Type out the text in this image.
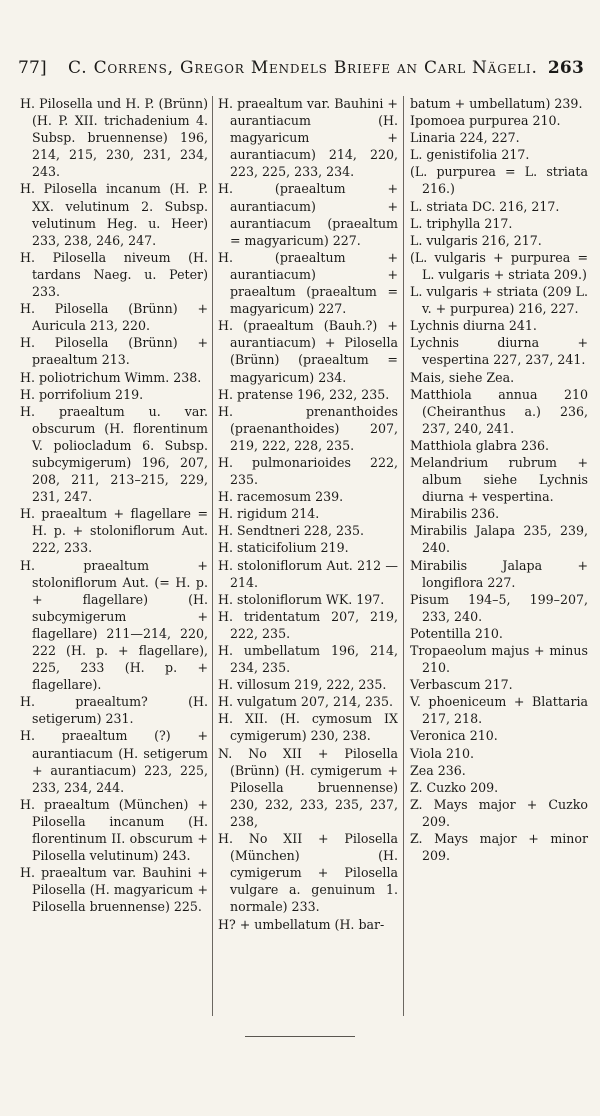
77] C. Correns, Gregor Mendels Briefe an Carl Nägeli. 263

H. Pilosella und H. P. (Brünn) (H. P. XII. trichadenium 4. Subsp. bruennense) 196, 214, 215, 230, 231, 234, 243.

H. Pilosella incanum (H. P. XX. velutinum 2. Subsp. velutinum Heg. u. Heer) 233, 238, 246, 247.

H. Pilosella niveum (H. tardans Naeg. u. Peter) 233.

H. Pilosella (Brünn) + Auricula 213, 220.

H. Pilosella (Brünn) + praealtum 213.

H. poliotrichum Wimm. 238.

H. porrifolium 219.

H. praealtum u. var. obscurum (H. florentinum V. poliocladum 6. Subsp. subcymigerum) 196, 207, 208, 211, 213–215, 229, 231, 247.

H. praealtum + flagellare = H. p. + stoloniflorum Aut. 222, 233.

H. praealtum + stoloniflorum Aut. (= H. p. + flagellare) (H. subcymigerum + flagellare) 211—214, 220, 222 (H. p. + flagellare), 225, 233 (H. p. + flagellare).

H. praealtum? (H. setigerum) 231.

H. praealtum (?) + aurantiacum (H. setigerum + aurantiacum) 223, 225, 233, 234, 244.

H. praealtum (München) + Pilosella incanum (H. florentinum II. obscurum + Pilosella velutinum) 243.

H. praealtum var. Bauhini + Pilosella (H. magyaricum + Pilosella bruennense) 225.

H. praealtum var. Bauhini + aurantiacum (H. magyaricum + aurantiacum) 214, 220, 223, 225, 233, 234.

H. (praealtum + aurantiacum) + aurantiacum (praealtum = magyaricum) 227.

H. (praealtum + aurantiacum) + praealtum (praealtum = magyaricum) 227.

H. (praealtum (Bauh.?) + aurantiacum) + Pilosella (Brünn) (praealtum = magyaricum) 234.

H. pratense 196, 232, 235.

H. prenanthoides (praenanthoides) 207, 219, 222, 228, 235.

H. pulmonarioides 222, 235.

H. racemosum 239.

H. rigidum 214.

H. Sendtneri 228, 235.

H. staticifolium 219.

H. stoloniflorum Aut. 212 —214.

H. stoloniflorum WK. 197.

H. tridentatum 207, 219, 222, 235.

H. umbellatum 196, 214, 234, 235.

H. villosum 219, 222, 235.

H. vulgatum 207, 214, 235.

H. XII. (H. cymosum IX cymigerum) 230, 238.

N. No XII + Pilosella (Brünn) (H. cymigerum + Pilosella bruennense) 230, 232, 233, 235, 237, 238,

H. No XII + Pilosella (München) (H. cymigerum + Pilosella vulgare a. genuinum 1. normale) 233.

H? + umbellatum (H. bar-

batum + umbellatum) 239.

Ipomoea purpurea 210.

Linaria 224, 227.

L. genistifolia 217.

(L. purpurea = L. striata 216.)

L. striata DC. 216, 217.

L. triphylla 217.

L. vulgaris 216, 217.

(L. vulgaris + purpurea = L. vulgaris + striata 209.)

L. vulgaris + striata (209 L. v. + purpurea) 216, 227.

Lychnis diurna 241.

Lychnis diurna + vespertina 227, 237, 241.

Mais, siehe Zea.

Matthiola annua 210 (Cheiranthus a.) 236, 237, 240, 241.

Matthiola glabra 236.

Melandrium rubrum + album siehe Lychnis diurna + vespertina.

Mirabilis 236.

Mirabilis Jalapa 235, 239, 240.

Mirabilis Jalapa + longiflora 227.

Pisum 194–5, 199–207, 233, 240.

Potentilla 210.

Tropaeolum majus + minus 210.

Verbascum 217.

V. phoeniceum + Blattaria 217, 218.

Veronica 210.

Viola 210.

Zea 236.

Z. Cuzko 209.

Z. Mays major + Cuzko 209.

Z. Mays major + minor 209.
